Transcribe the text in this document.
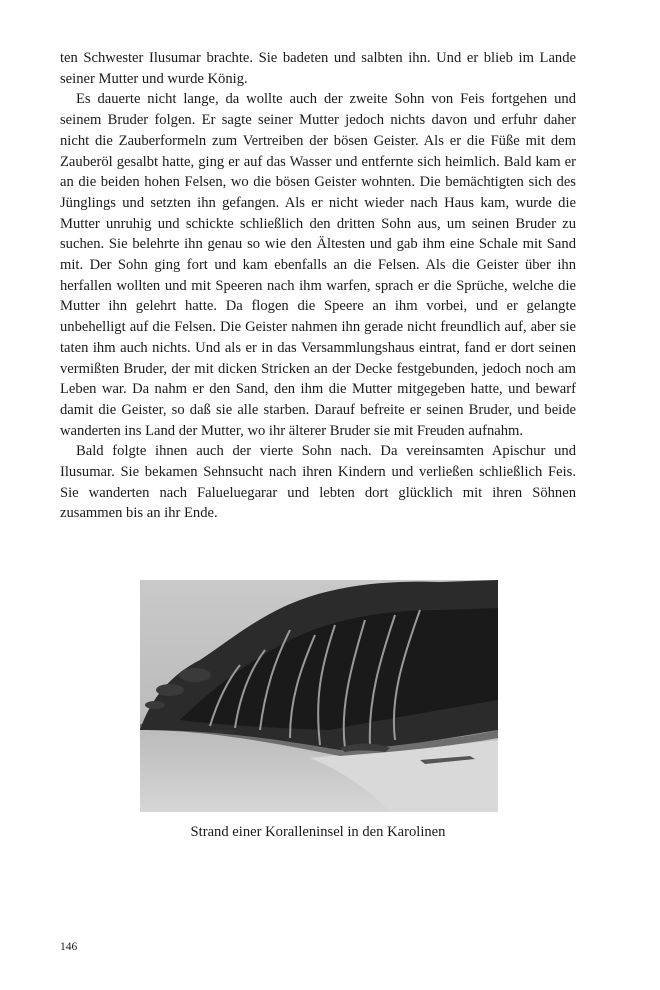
ten Schwester Ilusumar brachte. Sie badeten und salbten ihn. Und er blieb im Lande seiner Mutter und wurde König.

Es dauerte nicht lange, da wollte auch der zweite Sohn von Feis fortgehen und seinem Bruder folgen. Er sagte seiner Mutter jedoch nichts davon und erfuhr daher nicht die Zauberformeln zum Vertreiben der bösen Geister. Als er die Füße mit dem Zauberöl gesalbt hatte, ging er auf das Wasser und entfernte sich heimlich. Bald kam er an die beiden hohen Felsen, wo die bösen Geister wohnten. Die bemächtigten sich des Jünglings und setzten ihn gefangen. Als er nicht wieder nach Haus kam, wurde die Mutter unruhig und schickte schließlich den dritten Sohn aus, um seinen Bruder zu suchen. Sie belehrte ihn genau so wie den Ältesten und gab ihm eine Schale mit Sand mit. Der Sohn ging fort und kam ebenfalls an die Felsen. Als die Geister über ihn herfallen wollten und mit Speeren nach ihm warfen, sprach er die Sprüche, welche die Mutter ihn gelehrt hatte. Da flogen die Speere an ihm vorbei, und er gelangte unbehelligt auf die Felsen. Die Geister nahmen ihn gerade nicht freundlich auf, aber sie taten ihm auch nichts. Und als er in das Versammlungshaus eintrat, fand er dort seinen vermißten Bruder, der mit dicken Stricken an der Decke festgebunden, jedoch noch am Leben war. Da nahm er den Sand, den ihm die Mutter mitgegeben hatte, und bewarf damit die Geister, so daß sie alle starben. Darauf befreite er seinen Bruder, und beide wanderten ins Land der Mutter, wo ihr älterer Bruder sie mit Freuden aufnahm.

Bald folgte ihnen auch der vierte Sohn nach. Da vereinsamten Apischur und Ilusumar. Sie bekamen Sehnsucht nach ihren Kindern und verließen schließlich Feis. Sie wanderten nach Falueluegarar und lebten dort glücklich mit ihren Söhnen zusammen bis an ihr Ende.

Strand einer Koralleninsel in den Karolinen
146
